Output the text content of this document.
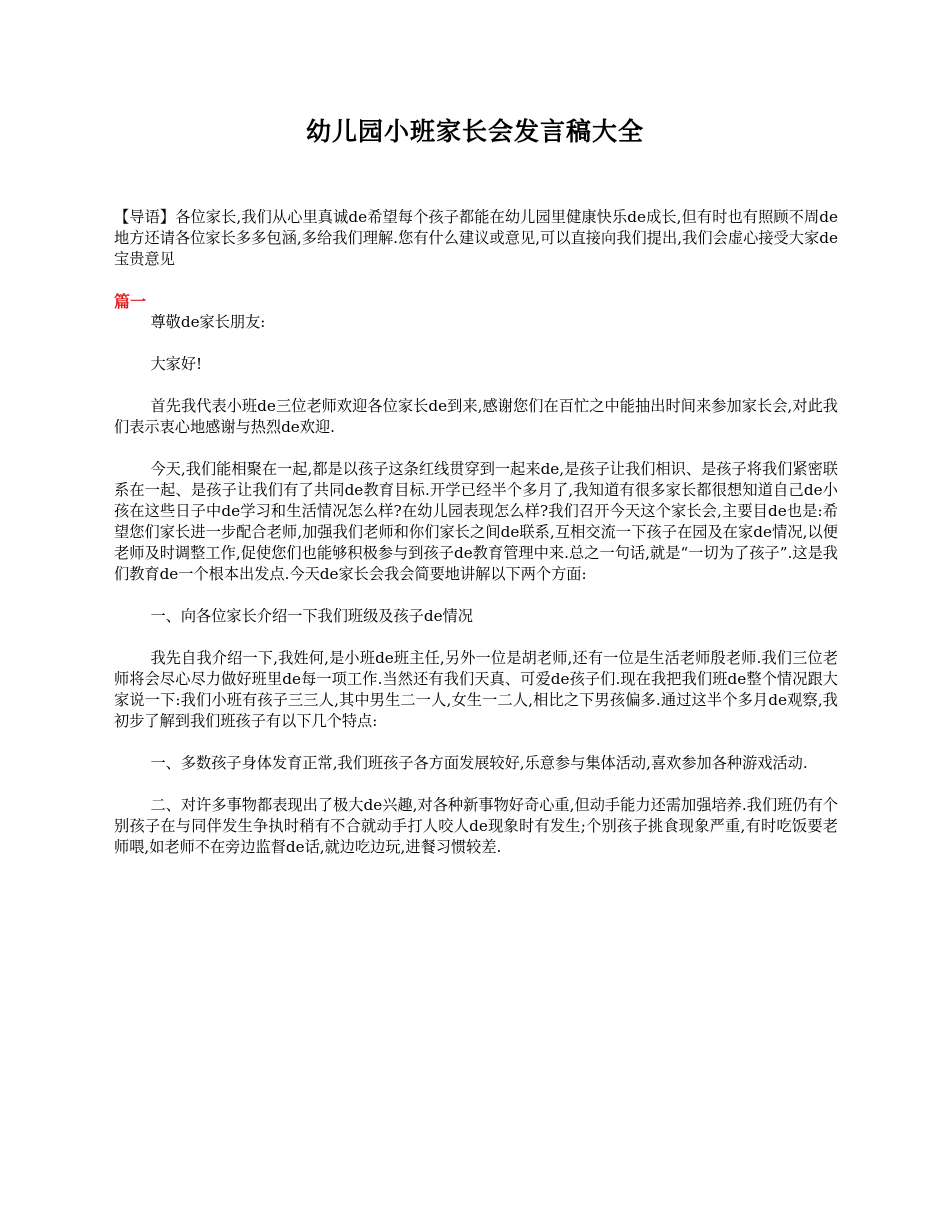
幼儿园小班家长会发言稿大全

【导语】各位家长,我们从心里真诚de希望每个孩子都能在幼儿园里健康快乐de成长,但有时也有照顾不周de地方还请各位家长多多包涵,多给我们理解.您有什么建议或意见,可以直接向我们提出,我们会虚心接受大家de宝贵意见

篇一

尊敬de家长朋友:

大家好!

首先我代表小班de三位老师欢迎各位家长de到来,感谢您们在百忙之中能抽出时间来参加家长会,对此我们表示衷心地感谢与热烈de欢迎.

今天,我们能相聚在一起,都是以孩子这条红线贯穿到一起来de,是孩子让我们相识、是孩子将我们紧密联系在一起、是孩子让我们有了共同de教育目标.开学已经半个多月了,我知道有很多家长都很想知道自己de小孩在这些日子中de学习和生活情况怎么样?在幼儿园表现怎么样?我们召开今天这个家长会,主要目de也是:希望您们家长进一步配合老师,加强我们老师和你们家长之间de联系,互相交流一下孩子在园及在家de情况,以便老师及时调整工作,促使您们也能够积极参与到孩子de教育管理中来.总之一句话,就是“一切为了孩子”.这是我们教育de一个根本出发点.今天de家长会我会简要地讲解以下两个方面:

一、向各位家长介绍一下我们班级及孩子de情况

我先自我介绍一下,我姓何,是小班de班主任,另外一位是胡老师,还有一位是生活老师殷老师.我们三位老师将会尽心尽力做好班里de每一项工作.当然还有我们天真、可爱de孩子们.现在我把我们班de整个情况跟大家说一下:我们小班有孩子三三人,其中男生二一人,女生一二人,相比之下男孩偏多.通过这半个多月de观察,我初步了解到我们班孩子有以下几个特点:

一、多数孩子身体发育正常,我们班孩子各方面发展较好,乐意参与集体活动,喜欢参加各种游戏活动.

二、对许多事物都表现出了极大de兴趣,对各种新事物好奇心重,但动手能力还需加强培养.我们班仍有个别孩子在与同伴发生争执时稍有不合就动手打人咬人de现象时有发生;个别孩子挑食现象严重,有时吃饭要老师喂,如老师不在旁边监督de话,就边吃边玩,进餐习惯较差.
